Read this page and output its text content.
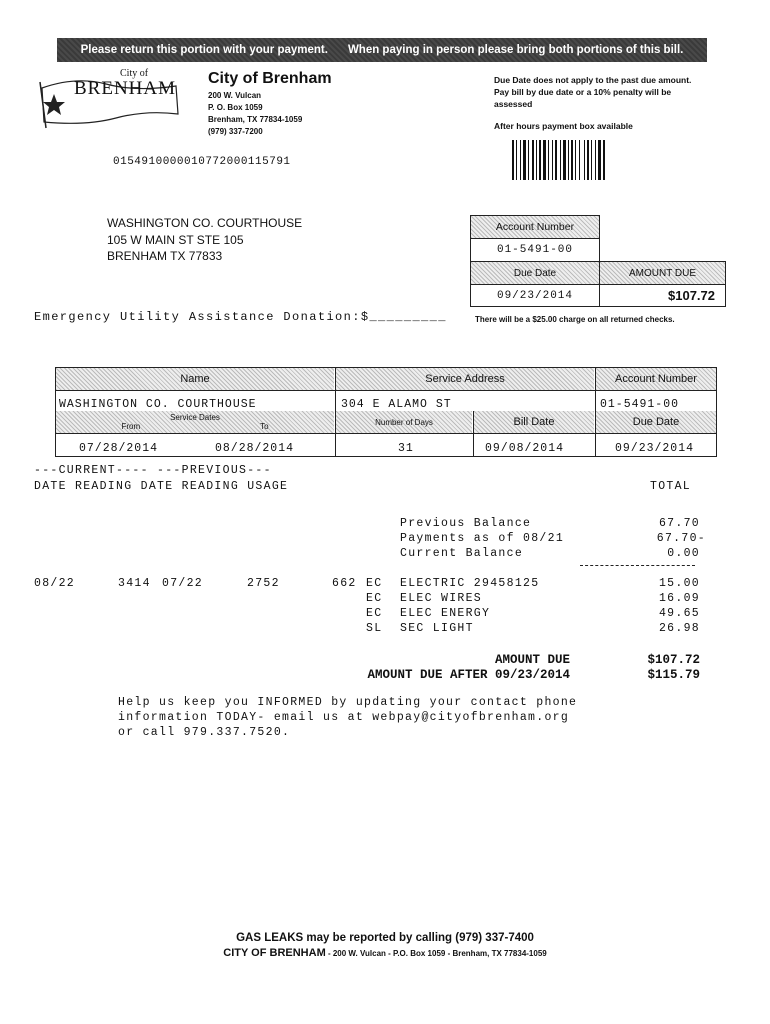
Please return this portion with your payment. When paying in person please bring both portions of this bill.
City of
BRENHAM City of Brenham
200 W. Vulcan
P. O. Box 1059
Brenham, TX 77834-1059
(979) 337-7200
Due Date does not apply to the past due amount. Pay bill by due date or a 10% penalty will be assessed
After hours payment box available
0154910000010772000115791
WASHINGTON CO. COURTHOUSE
105 W MAIN ST STE 105
BRENHAM TX 77833
Account Number
01-5491-00
Due Date	AMOUNT DUE
09/23/2014	$107.72
Emergency Utility Assistance Donation:$_________	There will be a $25.00 charge on all returned checks.
Name	Service Address	Account Number
WASHINGTON CO. COURTHOUSE	304 E ALAMO ST	01-5491-00
Service Dates
From	To	Number of Days	Bill Date	Due Date
07/28/2014	08/28/2014	31	09/08/2014	09/23/2014
---CURRENT---- ---PREVIOUS---
DATE READING DATE READING USAGE	TOTAL
Previous Balance	67.70
Payments as of 08/21	67.70-
Current Balance	0.00
08/22	3414 07/22	2752	662 EC ELECTRIC 29458125	15.00
EC ELEC WIRES	16.09
EC ELEC ENERGY	49.65
SL SEC LIGHT	26.98
AMOUNT DUE	$107.72
AMOUNT DUE AFTER 09/23/2014	$115.79
Help us keep you INFORMED by updating your contact phone
information TODAY- email us at webpay@cityofbrenham.org
or call 979.337.7520.
GAS LEAKS may be reported by calling (979) 337-7400
CITY OF BRENHAM - 200 W. Vulcan - P.O. Box 1059 - Brenham, TX 77834-1059
